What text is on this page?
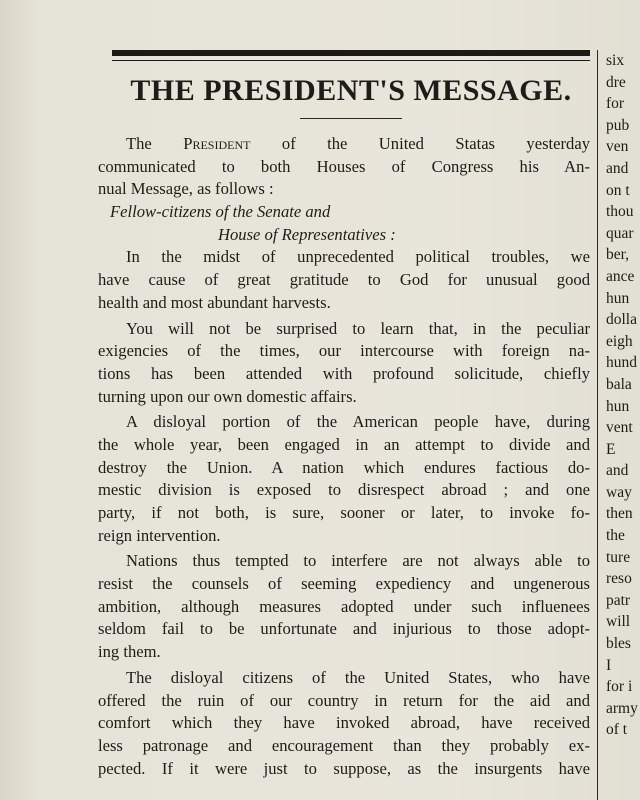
THE PRESIDENT'S MESSAGE.
The President of the United Statas yesterday
communicated to both Houses of Congress his An-
nual Message, as follows :
Fellow-citizens of the Senate and
House of Representatives :
In the midst of unprecedented political troubles, we
have cause of great gratitude to God for unusual good
health and most abundant harvests.
You will not be surprised to learn that, in the peculiar
exigencies of the times, our intercourse with foreign na-
tions has been attended with profound solicitude, chiefly
turning upon our own domestic affairs.
A disloyal portion of the American people have, during
the whole year, been engaged in an attempt to divide and
destroy the Union. A nation which endures factious do-
mestic division is exposed to disrespect abroad ; and one
party, if not both, is sure, sooner or later, to invoke fo-
reign intervention.
Nations thus tempted to interfere are not always able to
resist the counsels of seeming expediency and ungenerous
ambition, although measures adopted under such influenees
seldom fail to be unfortunate and injurious to those adopt-
ing them.
The disloyal citizens of the United States, who have
offered the ruin of our country in return for the aid and
comfort which they have invoked abroad, have received
less patronage and encouragement than they probably ex-
pected. If it were just to suppose, as the insurgents have
six
dre
for
pub
ven
and
on t
thou
quar
ber,
ance
hun
dolla
eigh
hund
bala
hun
vent
E
and
way
then
the
ture
reso
patr
will
bles
I
for i
army
of t
